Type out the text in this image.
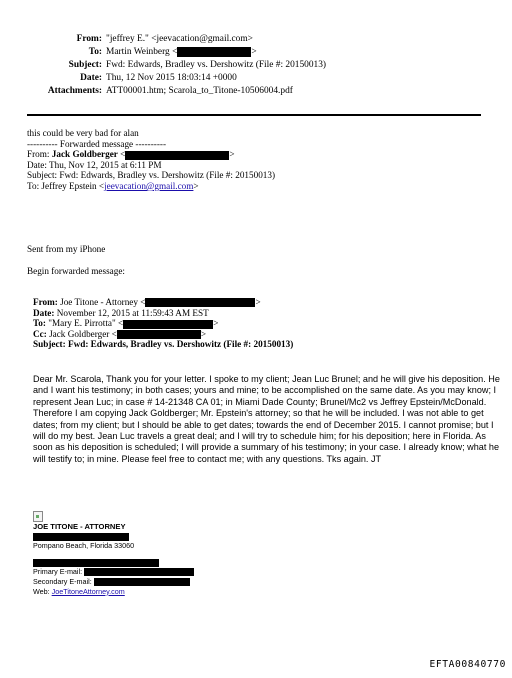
From: "jeffrey E." <jeevacation@gmail.com>
To: Martin Weinberg <	>
Subject: Fwd: Edwards, Bradley vs. Dershowitz (File #: 20150013)
Date: Thu, 12 Nov 2015 18:03:14 +0000
Attachments: ATT00001.htm; Scarola_to_Titone-10506004.pdf
this could be very bad for alan
---------- Forwarded message ----------
From: Jack Goldberger <	>
Date: Thu, Nov 12, 2015 at 6:11 PM
Subject: Fwd: Edwards, Bradley vs. Dershowitz (File #: 20150013)
To: Jeffrey Epstein <jeevacation@gmail.com>
Sent from my iPhone
Begin forwarded message:
From: Joe Titone - Attorney <	>
Date: November 12, 2015 at 11:59:43 AM EST
To: "Mary E. Pirrotta" <	>
Cc: Jack Goldberger <	>
Subject: Fwd: Edwards, Bradley vs. Dershowitz (File #: 20150013)
Dear Mr. Scarola, Thank you for your letter. I spoke to my client; Jean Luc Brunel; and he will give his deposition. He and I want his testimony; in both cases; yours and mine; to be accomplished on the same date. As you may know; I represent Jean Luc; in case # 14-21348 CA 01; in Miami Dade County; Brunel/Mc2 vs Jeffrey Epstein/McDonald. Therefore I am copying Jack Goldberger; Mr. Epstein's attorney; so that he will be included. I was not able to get dates; from my client; but I should be able to get dates; towards the end of December 2015. I cannot promise; but I will do my best. Jean Luc travels a great deal; and I will try to schedule him; for his deposition; here in Florida. As soon as his deposition is scheduled; I will provide a summary of his testimony; in your case. I already know; what he will testify to; in mine. Please feel free to contact me; with any questions. Tks again. JT
JOE TITONE - ATTORNEY
Pompano Beach, Florida 33060
Primary E-mail:
Secondary E-mail:
Web: JoeTitoneAttorney.com
EFTA00840770
